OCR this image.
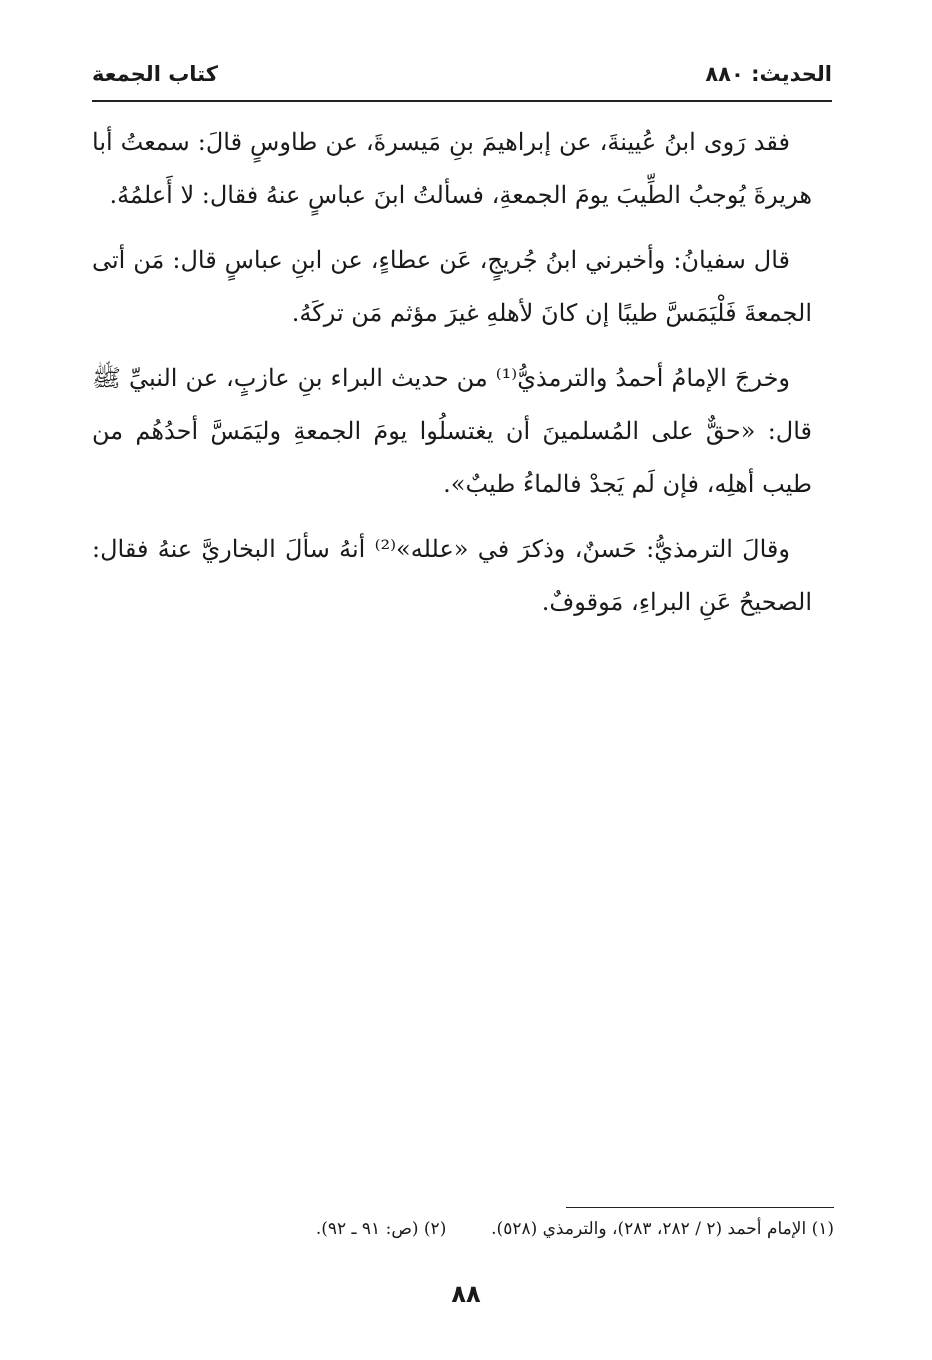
الحديث: ٨٨٠
كتاب الجمعة

فقد رَوى ابنُ عُيينةَ، عن إبراهيمَ بنِ مَيسرةَ، عن طاوسٍ قالَ: سمعتُ أبا هريرةَ يُوجبُ الطِّيبَ يومَ الجمعةِ، فسألتُ ابنَ عباسٍ عنهُ فقال: لا أَعلمُهُ.

قال سفيانُ: وأخبرني ابنُ جُريجٍ، عَن عطاءٍ، عن ابنِ عباسٍ قال: مَن أتى الجمعةَ فَلْيَمَسَّ طيبًا إن كانَ لأهلهِ غيرَ مؤثم مَن تركَهُ.

وخرجَ الإمامُ أحمدُ والترمذيُّ⁽¹⁾ من حديث البراء بنِ عازبٍ، عن النبيِّ ﷺ قال: «حقٌّ على المُسلمينَ أن يغتسلُوا يومَ الجمعةِ وليَمَسَّ أحدُهُم من طيب أهلِه، فإن لَم يَجدْ فالماءُ طيبٌ».

وقالَ الترمذيُّ: حَسنٌ، وذكرَ في «علله»⁽²⁾ أنهُ سألَ البخاريَّ عنهُ فقال: الصحيحُ عَنِ البراءِ، مَوقوفٌ.

(١) الإمام أحمد (٢ / ٢٨٢، ٢٨٣)، والترمذي (٥٢٨).  (٢) (ص: ٩١ ـ ٩٢).
٨٨
